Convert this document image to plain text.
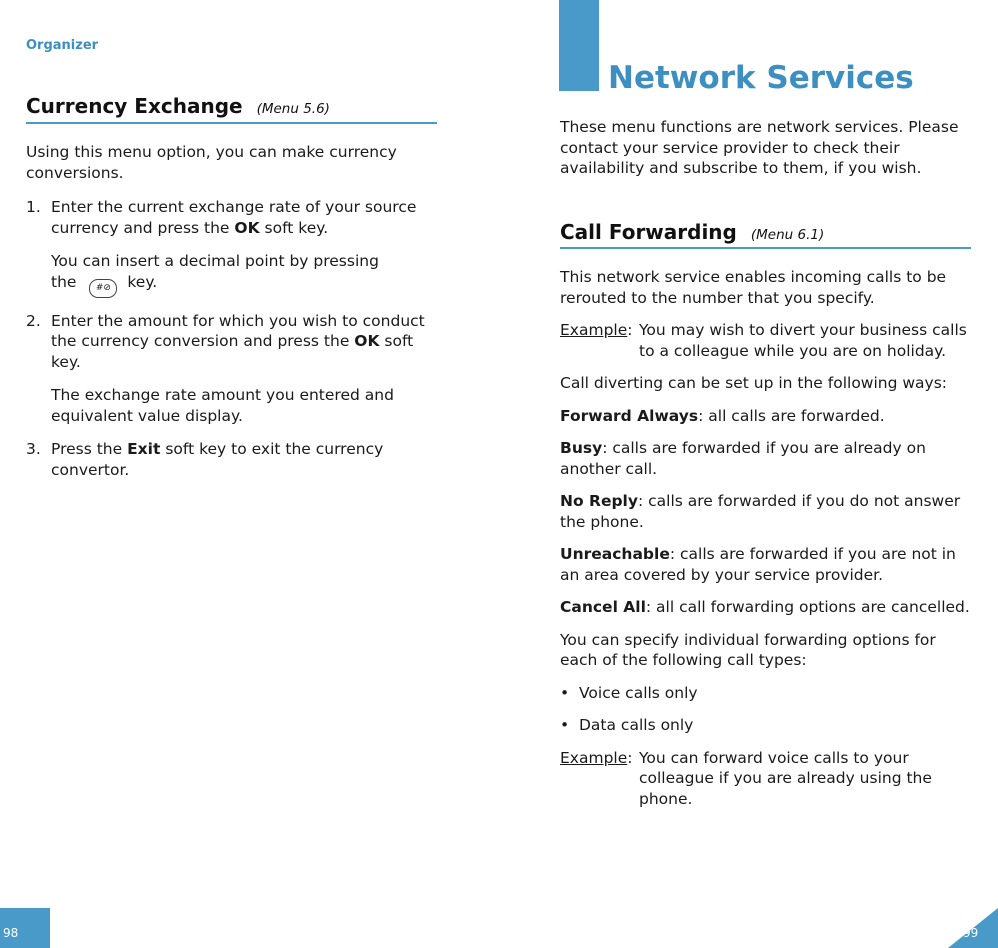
Organizer
Currency Exchange (Menu 5.6)

Using this menu option, you can make currency conversions.

1. Enter the current exchange rate of your source currency and press the OK soft key.
You can insert a decimal point by pressing the #⊘ key.
2. Enter the amount for which you wish to conduct the currency conversion and press the OK soft key.
The exchange rate amount you entered and equivalent value display.
3. Press the Exit soft key to exit the currency convertor.
98
Network Services

These menu functions are network services. Please contact your service provider to check their availability and subscribe to them, if you wish.

Call Forwarding (Menu 6.1)

This network service enables incoming calls to be rerouted to the number that you specify.

Example: You may wish to divert your business calls to a colleague while you are on holiday.

Call diverting can be set up in the following ways:

Forward Always: all calls are forwarded.

Busy: calls are forwarded if you are already on another call.

No Reply: calls are forwarded if you do not answer the phone.

Unreachable: calls are forwarded if you are not in an area covered by your service provider.

Cancel All: all call forwarding options are cancelled.

You can specify individual forwarding options for each of the following call types:

•  Voice calls only
•  Data calls only
Example: You can forward voice calls to your colleague if you are already using the phone.
99
